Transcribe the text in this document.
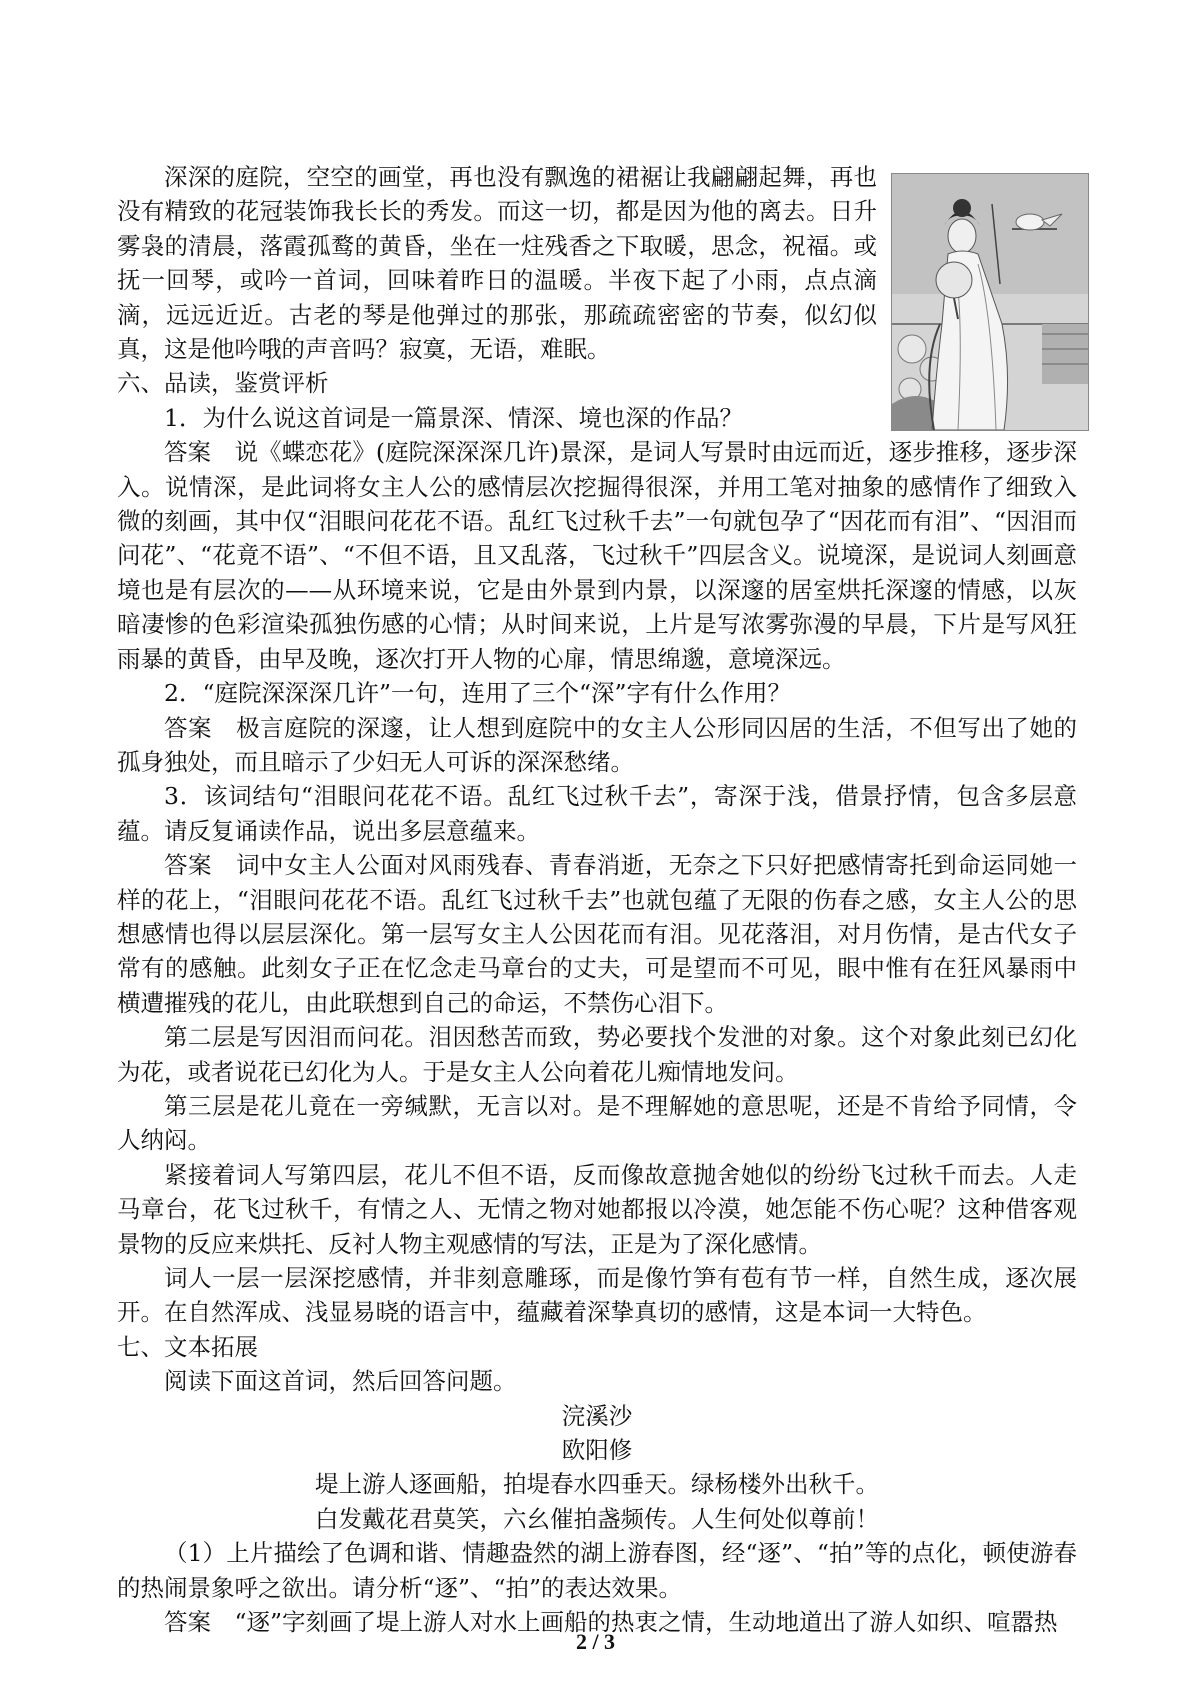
深深的庭院，空空的画堂，再也没有飘逸的裙裾让我翩翩起舞，再也没有精致的花冠装饰我长长的秀发。而这一切，都是因为他的离去。日升雾袅的清晨，落霞孤鹜的黄昏，坐在一炷残香之下取暖，思念，祝福。或抚一回琴，或吟一首词，回味着昨日的温暖。半夜下起了小雨，点点滴滴，远远近近。古老的琴是他弹过的那张，那疏疏密密的节奏，似幻似真，这是他吟哦的声音吗？寂寞，无语，难眠。

六、品读，鉴赏评析

1．为什么说这首词是一篇景深、情深、境也深的作品？

答案　说《蝶恋花》(庭院深深深几许)景深，是词人写景时由远而近，逐步推移，逐步深入。说情深，是此词将女主人公的感情层次挖掘得很深，并用工笔对抽象的感情作了细致入微的刻画，其中仅“泪眼问花花不语。乱红飞过秋千去”一句就包孕了“因花而有泪”、“因泪而问花”、“花竟不语”、“不但不语，且又乱落，飞过秋千”四层含义。说境深，是说词人刻画意境也是有层次的——从环境来说，它是由外景到内景，以深邃的居室烘托深邃的情感，以灰暗凄惨的色彩渲染孤独伤感的心情；从时间来说，上片是写浓雾弥漫的早晨，下片是写风狂雨暴的黄昏，由早及晚，逐次打开人物的心扉，情思绵邈，意境深远。

2．“庭院深深深几许”一句，连用了三个“深”字有什么作用？

答案　极言庭院的深邃，让人想到庭院中的女主人公形同囚居的生活，不但写出了她的孤身独处，而且暗示了少妇无人可诉的深深愁绪。

3．该词结句“泪眼问花花不语。乱红飞过秋千去”，寄深于浅，借景抒情，包含多层意蕴。请反复诵读作品，说出多层意蕴来。

答案　词中女主人公面对风雨残春、青春消逝，无奈之下只好把感情寄托到命运同她一样的花上，“泪眼问花花不语。乱红飞过秋千去”也就包蕴了无限的伤春之感，女主人公的思想感情也得以层层深化。第一层写女主人公因花而有泪。见花落泪，对月伤情，是古代女子常有的感触。此刻女子正在忆念走马章台的丈夫，可是望而不可见，眼中惟有在狂风暴雨中横遭摧残的花儿，由此联想到自己的命运，不禁伤心泪下。

第二层是写因泪而问花。泪因愁苦而致，势必要找个发泄的对象。这个对象此刻已幻化为花，或者说花已幻化为人。于是女主人公向着花儿痴情地发问。

第三层是花儿竟在一旁缄默，无言以对。是不理解她的意思呢，还是不肯给予同情，令人纳闷。

紧接着词人写第四层，花儿不但不语，反而像故意抛舍她似的纷纷飞过秋千而去。人走马章台，花飞过秋千，有情之人、无情之物对她都报以冷漠，她怎能不伤心呢？这种借客观景物的反应来烘托、反衬人物主观感情的写法，正是为了深化感情。

词人一层一层深挖感情，并非刻意雕琢，而是像竹笋有苞有节一样，自然生成，逐次展开。在自然浑成、浅显易晓的语言中，蕴藏着深挚真切的感情，这是本词一大特色。

七、文本拓展

阅读下面这首词，然后回答问题。

浣溪沙

欧阳修

堤上游人逐画船，拍堤春水四垂天。绿杨楼外出秋千。

白发戴花君莫笑，六幺催拍盏频传。人生何处似尊前！

（1）上片描绘了色调和谐、情趣盎然的湖上游春图，经“逐”、“拍”等的点化，顿使游春的热闹景象呼之欲出。请分析“逐”、“拍”的表达效果。

答案　“逐”字刻画了堤上游人对水上画船的热衷之情，生动地道出了游人如织、喧嚣热

2 / 3
